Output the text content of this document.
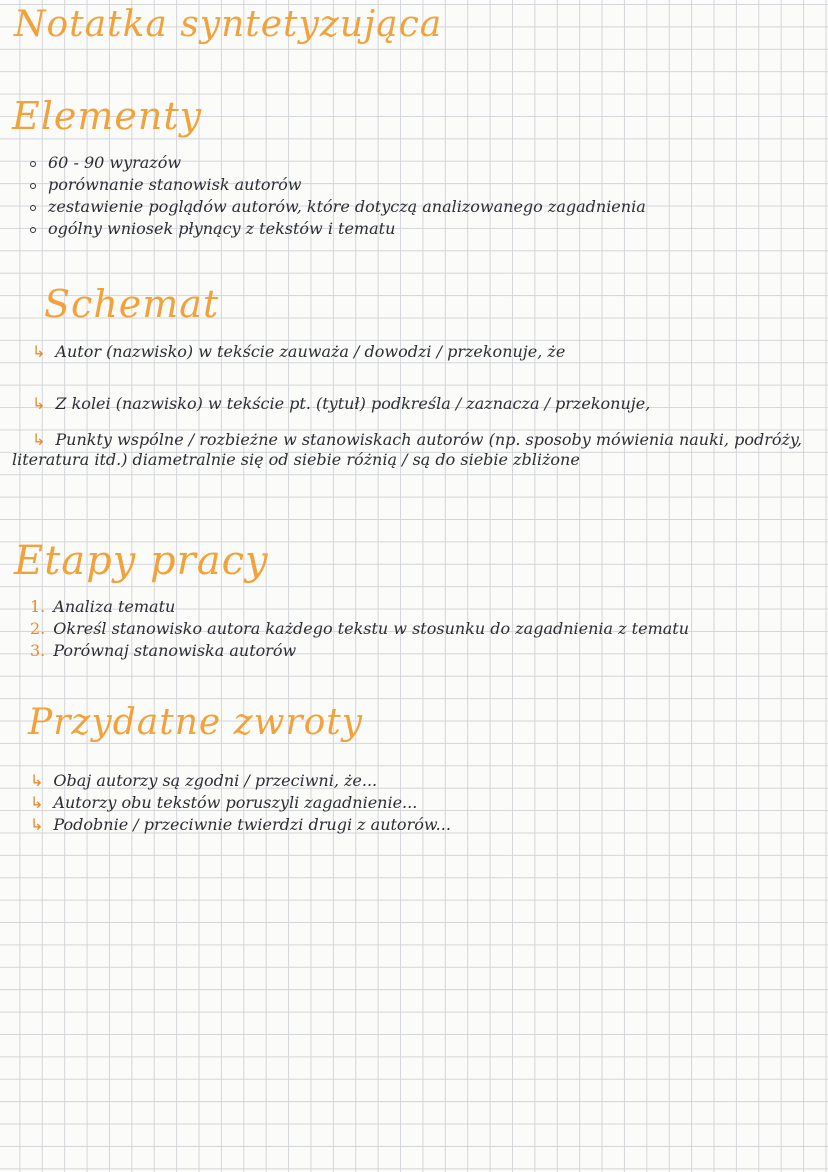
Notatka syntetyzująca
Elementy
60 - 90 wyrazów
porównanie stanowisk autorów
zestawienie poglądów autorów, które dotyczą analizowanego zagadnienia
ogólny wniosek płynący z tekstów i tematu
Schemat
↳ Autor (nazwisko) w tekście zauważa / dowodzi / przekonuje, że
↳ Z kolei (nazwisko) w tekście pt. (tytuł) podkreśla / zaznacza / przekonuje,
↳ Punkty wspólne / rozbieżne w stanowiskach autorów (np. sposoby mówienia nauki, podróży, literatura itd.) diametralnie się od siebie różnią / są do siebie zbliżone
Etapy pracy
1. Analiza tematu
2. Określ stanowisko autora każdego tekstu w stosunku do zagadnienia z tematu
3. Porównaj stanowiska autorów
Przydatne zwroty
↳ Obaj autorzy są zgodni / przeciwni, że...
↳ Autorzy obu tekstów poruszyli zagadnienie...
↳ Podobnie / przeciwnie twierdzi drugi z autorów...
